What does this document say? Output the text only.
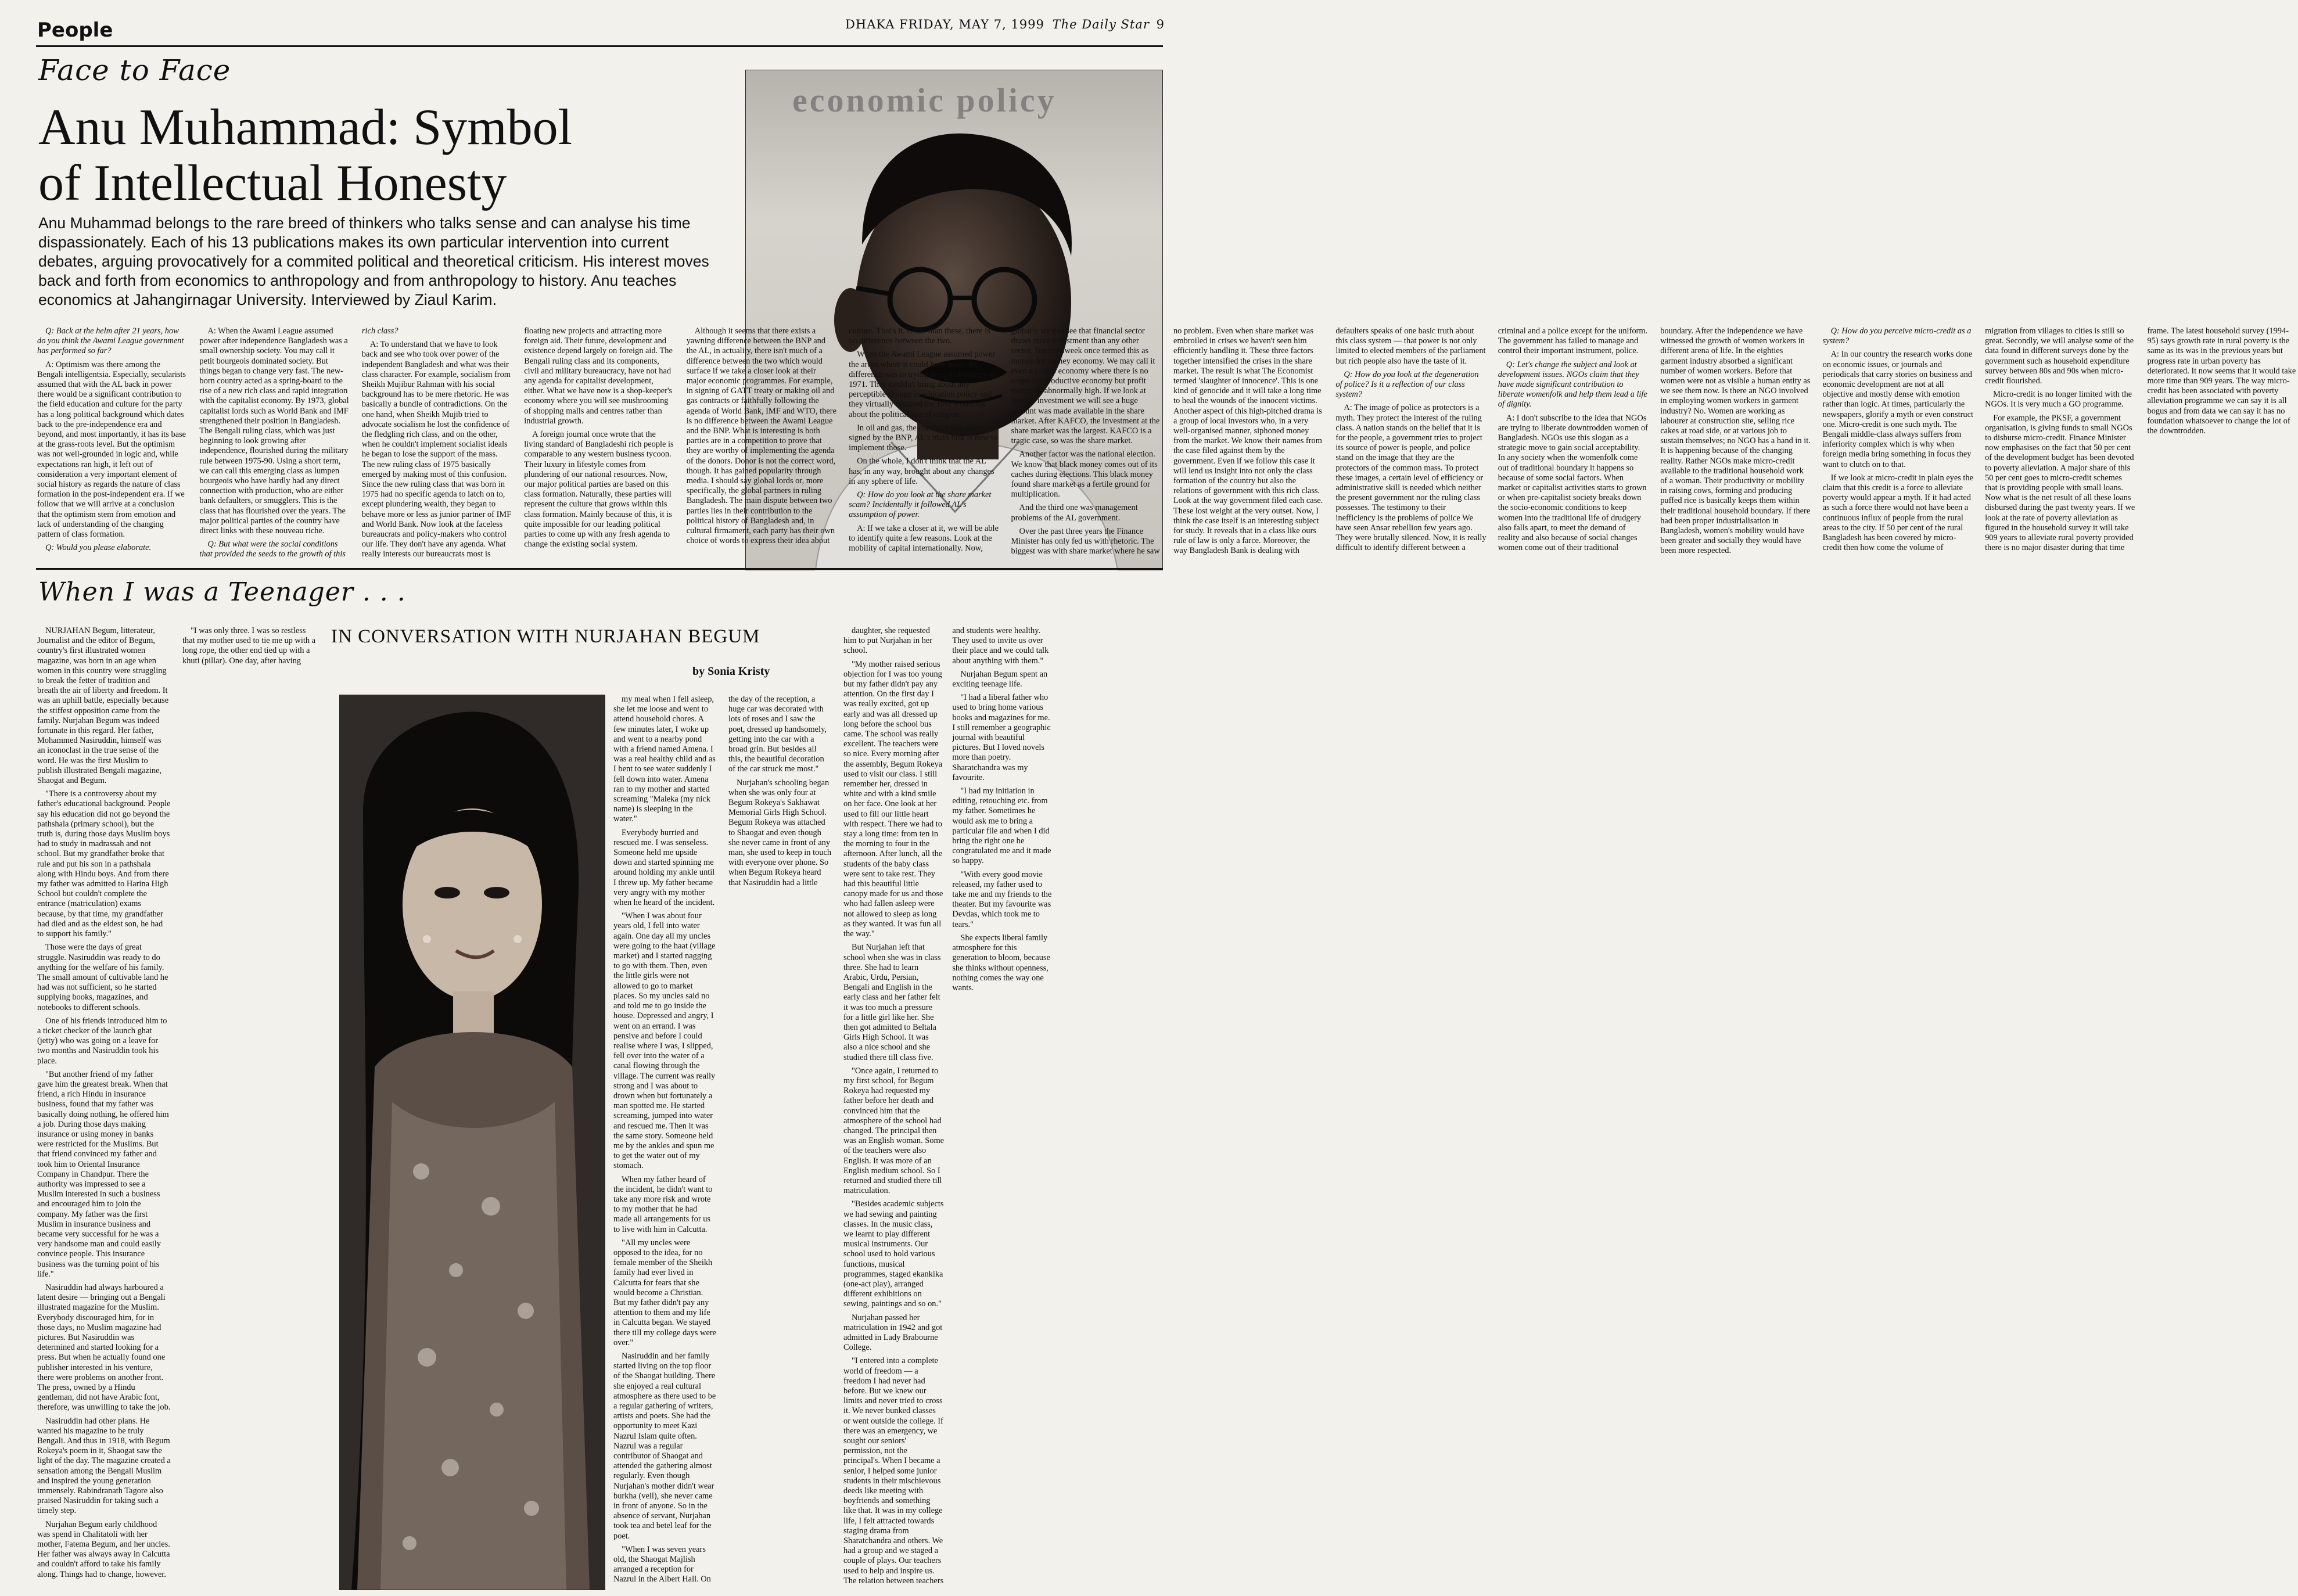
People	DHAKA FRIDAY, MAY 7, 1999 The Daily Star 9
Face to Face
Anu Muhammad: Symbol
of Intellectual Honesty
Anu Muhammad belongs to the rare breed of thinkers who talks sense and can analyse his time dispassionately. Each of his 13 publications makes its own particular intervention into current debates, arguing provocatively for a commited political and theoretical criticism. His interest moves back and forth from economics to anthropology and from anthropology to history. Anu teaches economics at Jahangirnagar University. Interviewed by Ziaul Karim.
economic policy

Q: Back at the helm after 21 years, how do you think the Awami League government has performed so far?

A: Optimism was there among the Bengali intelligentsia. Especially, secularists assumed that with the AL back in power there would be a significant contribution to the field education and culture for the party has a long political background which dates back to the pre-independence era and beyond, and most importantly, it has its base at the grass-roots level. But the optimism was not well-grounded in logic and, while expectations ran high, it left out of consideration a very important element of social history as regards the nature of class formation in the post-independent era. If we follow that we will arrive at a conclusion that the optimism stem from emotion and lack of understanding of the changing pattern of class formation.

Q: Would you please elaborate.

A: When the Awami League assumed power after independence Bangladesh was a small ownership society. You may call it petit bourgeois dominated society. But things began to change very fast. The new-born country acted as a spring-board to the rise of a new rich class and rapid integration with the capitalist economy. By 1973, global capitalist lords such as World Bank and IMF strengthened their position in Bangladesh. The Bengali ruling class, which was just beginning to look growing after independence, flourished during the military rule between 1975-90. Using a short term, we can call this emerging class as lumpen bourgeois who have hardly had any direct connection with production, who are either bank defaulters, or smugglers. This is the class that has flourished over the years. The major political parties of the country have direct links with these nouveau riche.

Q: But what were the social conditions that provided the seeds to the growth of this rich class?

A: To understand that we have to look back and see who took over power of the independent Bangladesh and what was their class character. For example, socialism from Sheikh Mujibur Rahman with his social background has to be mere rhetoric. He was basically a bundle of contradictions. On the one hand, when Sheikh Mujib tried to advocate socialism he lost the confidence of the fledgling rich class, and on the other, when he couldn't implement socialist ideals he began to lose the support of the mass. The new ruling class of 1975 basically emerged by making most of this confusion. Since the new ruling class that was born in 1975 had no specific agenda to latch on to, except plundering wealth, they began to behave more or less as junior partner of IMF and World Bank. Now look at the faceless bureaucrats and policy-makers who control our life. They don't have any agenda. What really interests our bureaucrats most is floating new projects and attracting more foreign aid. Their future, development and existence depend largely on foreign aid. The Bengali ruling class and its components, civil and military bureaucracy, have not had any agenda for capitalist development, either. What we have now is a shop-keeper's economy where you will see mushrooming of shopping malls and centres rather than industrial growth.

A foreign journal once wrote that the living standard of Bangladeshi rich people is comparable to any western business tycoon. Their luxury in lifestyle comes from plundering of our national resources. Now, our major political parties are based on this class formation. Naturally, these parties will represent the culture that grows within this class formation. Mainly because of this, it is quite impossible for our leading political parties to come up with any fresh agenda to change the existing social system.

Although it seems that there exists a yawning difference between the BNP and the AL, in actuality, there isn't much of a difference between the two which would surface if we take a closer look at their major economic programmes. For example, in signing of GATT treaty or making oil and gas contracts or faithfully following the agenda of World Bank, IMF and WTO, there is no difference between the Awami League and the BNP. What is interesting is both parties are in a competition to prove that they are worthy of implementing the agenda of the donors. Donor is not the correct word, though. It has gained popularity through media. I should say global lords or, more specifically, the global partners in ruling Bangladesh. The main dispute between two parties lies in their contribution to the political history of Bangladesh and, in cultural firmament, each party has their own choice of words to express their idea about culture. That's it. Other than these, there is no difference between the two.

When the Awami League assumed power the areas where it could have made the difference was in trying the collaborators of 1971. They couldn't bring about any perceptible change in education policy and they virtually retained the BNP's outlook about the political use of religion.

In oil and gas, the contracts that were signed by the BNP, AL's main task is now to implement those.

On the whole, I don't think that the AL has, in any way, brought about any changes in any sphere of life.

Q: How do you look at the share market scam? Incidentally it followed AL's assumption of power.

A: If we take a closer at it, we will be able to identify quite a few reasons. Look at the mobility of capital internationally. Now, globally we can see that financial sector draws more investment than any other sector. Businessweek once termed this as money for money economy. We may call it even a casino economy where there is no scope for productive economy but profit margin is abnormally high. If we look at foreign investment we will see a huge amount was made available in the share market. After KAFCO, the investment at the share market was the largest. KAFCO is a tragic case, so was the share market.

Another factor was the national election. We know that black money comes out of its caches during elections. This black money found share market as a fertile ground for multiplication.

And the third one was management problems of the AL government.

Over the past three years the Finance Minister has only fed us with rhetoric. The biggest was with share market where he saw no problem. Even when share market was embroiled in crises we haven't seen him efficiently handling it. These three factors together intensified the crises in the share market. The result is what The Economist termed 'slaughter of innocence'. This is one kind of genocide and it will take a long time to heal the wounds of the innocent victims. Another aspect of this high-pitched drama is a group of local investors who, in a very well-organised manner, siphoned money from the market. We know their names from the case filed against them by the government. Even if we follow this case it will lend us insight into not only the class formation of the country but also the relations of government with this rich class. Look at the way government filed each case. These lost weight at the very outset. Now, I think the case itself is an interesting subject for study. It reveals that in a class like ours rule of law is only a farce. Moreover, the way Bangladesh Bank is dealing with defaulters speaks of one basic truth about this class system — that power is not only limited to elected members of the parliament but rich people also have the taste of it.

Q: How do you look at the degeneration of police? Is it a reflection of our class system?

A: The image of police as protectors is a myth. They protect the interest of the ruling class. A nation stands on the belief that it is for the people, a government tries to project its source of power is people, and police stand on the image that they are the protectors of the common mass. To protect these images, a certain level of efficiency or administrative skill is needed which neither the present government nor the ruling class possesses. The testimony to their inefficiency is the problems of police We have seen Ansar rebellion few years ago. They were brutally silenced. Now, it is really difficult to identify different between a criminal and a police except for the uniform. The government has failed to manage and control their important instrument, police.

Q: Let's change the subject and look at development issues. NGOs claim that they have made significant contribution to liberate womenfolk and help them lead a life of dignity.

A: I don't subscribe to the idea that NGOs are trying to liberate downtrodden women of Bangladesh. NGOs use this slogan as a strategic move to gain social acceptability. In any society when the womenfolk come out of traditional boundary it happens so because of some social factors. When market or capitalist activities starts to grown or when pre-capitalist society breaks down the socio-economic conditions to keep women into the traditional life of drudgery also falls apart, to meet the demand of reality and also because of social changes women come out of their traditional boundary. After the independence we have witnessed the growth of women workers in different arena of life. In the eighties garment industry absorbed a significant number of women workers. Before that women were not as visible a human entity as we see them now. Is there an NGO involved in employing women workers in garment industry? No. Women are working as labourer at construction site, selling rice cakes at road side, or at various job to sustain themselves; no NGO has a hand in it. It is happening because of the changing reality. Rather NGOs make micro-credit available to the traditional household work of a woman. Their productivity or mobility in raising cows, forming and producing puffed rice is basically keeps them within their traditional household boundary. If there had been proper industrialisation in Bangladesh, women's mobility would have been greater and socially they would have been more respected.

Q: How do you perceive micro-credit as a system?

A: In our country the research works done on economic issues, or journals and periodicals that carry stories on business and economic development are not at all objective and mostly dense with emotion rather than logic. At times, particularly the newspapers, glorify a myth or even construct one. Micro-credit is one such myth. The Bengali middle-class always suffers from inferiority complex which is why when foreign media bring something in focus they want to clutch on to that.

If we look at micro-credit in plain eyes the claim that this credit is a force to alleviate poverty would appear a myth. If it had acted as such a force there would not have been a continuous influx of people from the rural areas to the city. If 50 per cent of the rural Bangladesh has been covered by micro-credit then how come the volume of migration from villages to cities is still so great. Secondly, we will analyse some of the data found in different surveys done by the government such as household expenditure survey between 80s and 90s when micro-credit flourished.

Micro-credit is no longer limited with the NGOs. It is very much a GO programme.

For example, the PKSF, a government organisation, is giving funds to small NGOs to disburse micro-credit. Finance Minister now emphasises on the fact that 50 per cent of the development budget has been devoted to poverty alleviation. A major share of this 50 per cent goes to micro-credit schemes that is providing people with small loans. Now what is the net result of all these loans disbursed during the past twenty years. If we look at the rate of poverty alleviation as figured in the household survey it will take 909 years to alleviate rural poverty provided there is no major disaster during that time frame. The latest household survey (1994-95) says growth rate in rural poverty is the same as its was in the previous years but progress rate in urban poverty has deteriorated. It now seems that it would take more time than 909 years. The way micro-credit has been associated with poverty alleviation programme we can say it is all bogus and from data we can say it has no foundation whatsoever to change the lot of the downtrodden.

When I was a Teenager . . .

NURJAHAN Begum, litterateur, Journalist and the editor of Begum, country's first illustrated women magazine, was born in an age when women in this country were struggling to break the fetter of tradition and breath the air of liberty and freedom. It was an uphill battle, especially because the stiffest opposition came from the family. Nurjahan Begum was indeed fortunate in this regard. Her father, Mohammed Nasiruddin, himself was an iconoclast in the true sense of the word. He was the first Muslim to publish illustrated Bengali magazine, Shaogat and Begum.

"There is a controversy about my father's educational background. People say his education did not go beyond the pathshala (primary school), but the truth is, during those days Muslim boys had to study in madrassah and not school. But my grandfather broke that rule and put his son in a pathshala along with Hindu boys. And from there my father was admitted to Harina High School but couldn't complete the entrance (matriculation) exams because, by that time, my grandfather had died and as the eldest son, he had to support his family."

Those were the days of great struggle. Nasiruddin was ready to do anything for the welfare of his family. The small amount of cultivable land he had was not sufficient, so he started supplying books, magazines, and notebooks to different schools.

One of his friends introduced him to a ticket checker of the launch ghat (jetty) who was going on a leave for two months and Nasiruddin took his place.

"But another friend of my father gave him the greatest break. When that friend, a rich Hindu in insurance business, found that my father was basically doing nothing, he offered him a job. During those days making insurance or using money in banks were restricted for the Muslims. But that friend convinced my father and took him to Oriental Insurance Company in Chandpur. There the authority was impressed to see a Muslim interested in such a business and encouraged him to join the company. My father was the first Muslim in insurance business and became very successful for he was a very handsome man and could easily convince people. This insurance business was the turning point of his life."

Nasiruddin had always harboured a latent desire — bringing out a Bengali illustrated magazine for the Muslim. Everybody discouraged him, for in those days, no Muslim magazine had pictures. But Nasiruddin was determined and started looking for a press. But when he actually found one publisher interested in his venture, there were problems on another front. The press, owned by a Hindu gentleman, did not have Arabic font, therefore, was unwilling to take the job.

Nasiruddin had other plans. He wanted his magazine to be truly Bengali. And thus in 1918, with Begum Rokeya's poem in it, Shaogat saw the light of the day. The magazine created a sensation among the Bengali Muslim and inspired the young generation immensely. Rabindranath Tagore also praised Nasiruddin for taking such a timely step.

Nurjahan Begum early childhood was spend in Chalitatoli with her mother, Fatema Begum, and her uncles. Her father was always away in Calcutta and couldn't afford to take his family along. Things had to change, however.

"I was only three. I was so restless that my mother used to tie me up with a long rope, the other end tied up with a khuti (pillar). One day, after having

IN CONVERSATION WITH NURJAHAN BEGUM
by Sonia Kristy

my meal when I fell asleep, she let me loose and went to attend household chores. A few minutes later, I woke up and went to a nearby pond with a friend named Amena. I was a real healthy child and as I bent to see water suddenly I fell down into water. Amena ran to my mother and started screaming "Maleka (my nick name) is sleeping in the water."

Everybody hurried and rescued me. I was senseless. Someone held me upside down and started spinning me around holding my ankle until I threw up. My father became very angry with my mother when he heard of the incident.

"When I was about four years old, I fell into water again. One day all my uncles were going to the haat (village market) and I started nagging to go with them. Then, even the little girls were not allowed to go to market places. So my uncles said no and told me to go inside the house. Depressed and angry, I went on an errand. I was pensive and before I could realise where I was, I slipped, fell over into the water of a canal flowing through the village. The current was really strong and I was about to drown when but fortunately a man spotted me. He started screaming, jumped into water and rescued me. Then it was the same story. Someone held me by the ankles and spun me to get the water out of my stomach.

When my father heard of the incident, he didn't want to take any more risk and wrote to my mother that he had made all arrangements for us to live with him in Calcutta.

"All my uncles were opposed to the idea, for no female member of the Sheikh family had ever lived in Calcutta for fears that she would become a Christian. But my father didn't pay any attention to them and my life in Calcutta began. We stayed there till my college days were over."

Nasiruddin and her family started living on the top floor of the Shaogat building. There she enjoyed a real cultural atmosphere as there used to be a regular gathering of writers, artists and poets. She had the opportunity to meet Kazi Nazrul Islam quite often. Nazrul was a regular contributor of Shaogat and attended the gathering almost regularly. Even though Nurjahan's mother didn't wear burkha (veil), she never came in front of anyone. So in the absence of servant, Nurjahan took tea and betel leaf for the poet.

"When I was seven years old, the Shaogat Majlish arranged a reception for Nazrul in the Albert Hall. On the day of the reception, a huge car was decorated with lots of roses and I saw the poet, dressed up handsomely, getting into the car with a broad grin. But besides all this, the beautiful decoration of the car struck me most."

Nurjahan's schooling began when she was only four at Begum Rokeya's Sakhawat Memorial Girls High School. Begum Rokeya was attached to Shaogat and even though she never came in front of any man, she used to keep in touch with everyone over phone. So when Begum Rokeya heard that Nasiruddin had a little

daughter, she requested him to put Nurjahan in her school.

"My mother raised serious objection for I was too young but my father didn't pay any attention. On the first day I was really excited, got up early and was all dressed up long before the school bus came. The school was really excellent. The teachers were so nice. Every morning after the assembly, Begum Rokeya used to visit our class. I still remember her, dressed in white and with a kind smile on her face. One look at her used to fill our little heart with respect. There we had to stay a long time: from ten in the morning to four in the afternoon. After lunch, all the students of the baby class were sent to take rest. They had this beautiful little canopy made for us and those who had fallen asleep were not allowed to sleep as long as they wanted. It was fun all the way."

But Nurjahan left that school when she was in class three. She had to learn Arabic, Urdu, Persian, Bengali and English in the early class and her father felt it was too much a pressure for a little girl like her. She then got admitted to Beltala Girls High School. It was also a nice school and she studied there till class five.

"Once again, I returned to my first school, for Begum Rokeya had requested my father before her death and convinced him that the atmosphere of the school had changed. The principal then was an English woman. Some of the teachers were also English. It was more of an English medium school. So I returned and studied there till matriculation.

"Besides academic subjects we had sewing and painting classes. In the music class, we learnt to play different musical instruments. Our school used to hold various functions, musical programmes, staged ekankika (one-act play), arranged different exhibitions on sewing, paintings and so on."

Nurjahan passed her matriculation in 1942 and got admitted in Lady Brabourne College.

"I entered into a complete world of freedom — a freedom I had never had before. But we knew our limits and never tried to cross it. We never bunked classes or went outside the college. If there was an emergency, we sought our seniors' permission, not the principal's. When I became a senior, I helped some junior students in their mischievous deeds like meeting with boyfriends and something like that. It was in my college life, I felt attracted towards staging drama from Sharatchandra and others. We had a group and we staged a couple of plays. Our teachers used to help and inspire us. The relation between teachers and students were healthy. They used to invite us over their place and we could talk about anything with them."

Nurjahan Begum spent an exciting teenage life.

"I had a liberal father who used to bring home various books and magazines for me. I still remember a geographic journal with beautiful pictures. But I loved novels more than poetry. Sharatchandra was my favourite.

"I had my initiation in editing, retouching etc. from my father. Sometimes he would ask me to bring a particular file and when I did bring the right one he congratulated me and it made so happy.

"With every good movie released, my father used to take me and my friends to the theater. But my favourite was Devdas, which took me to tears."

She expects liberal family atmosphere for this generation to bloom, because she thinks without openness, nothing comes the way one wants.
